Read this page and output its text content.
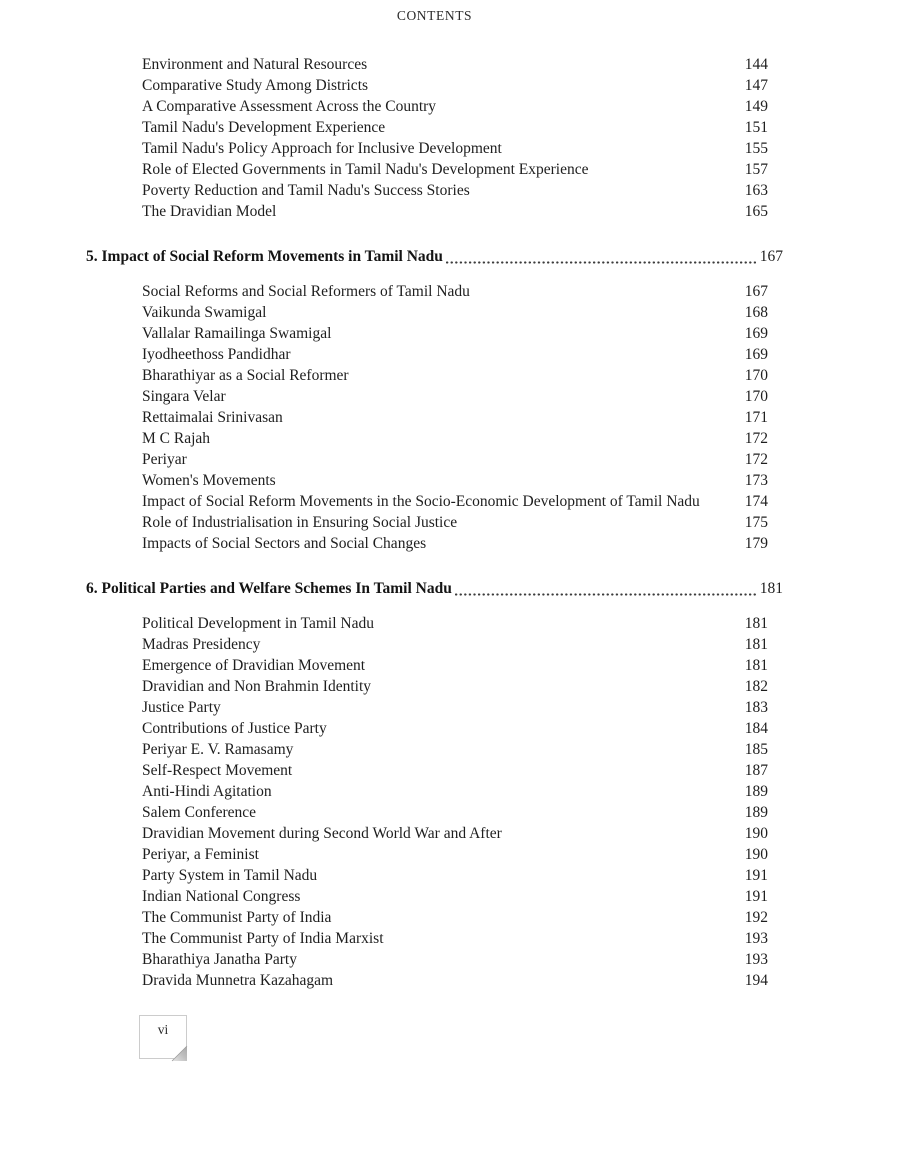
CONTENTS
Environment and Natural Resources	144
Comparative Study Among Districts	147
A Comparative Assessment Across the Country	149
Tamil Nadu's Development Experience	151
Tamil Nadu's Policy Approach for Inclusive Development	155
Role of Elected Governments in Tamil Nadu's Development Experience	157
Poverty Reduction and Tamil Nadu's Success Stories	163
The Dravidian Model	165
5. Impact of Social Reform Movements in Tamil Nadu	167
Social Reforms and Social Reformers of Tamil Nadu	167
Vaikunda Swamigal	168
Vallalar Ramailinga Swamigal	169
Iyodheethoss Pandidhar	169
Bharathiyar as a Social Reformer	170
Singara Velar	170
Rettaimalai Srinivasan	171
M C Rajah	172
Periyar	172
Women's Movements	173
Impact of Social Reform Movements in the Socio-Economic Development of Tamil Nadu	174
Role of Industrialisation in Ensuring Social Justice	175
Impacts of Social Sectors and Social Changes	179
6. Political Parties and Welfare Schemes In Tamil Nadu	181
Political Development in Tamil Nadu	181
Madras Presidency	181
Emergence of Dravidian Movement	181
Dravidian and Non Brahmin Identity	182
Justice Party	183
Contributions of Justice Party	184
Periyar E. V. Ramasamy	185
Self-Respect Movement	187
Anti-Hindi Agitation	189
Salem Conference	189
Dravidian Movement during Second World War and After	190
Periyar, a Feminist	190
Party System in Tamil Nadu	191
Indian National Congress	191
The Communist Party of India	192
The Communist Party of India Marxist	193
Bharathiya Janatha Party	193
Dravida Munnetra Kazahagam	194
vi
